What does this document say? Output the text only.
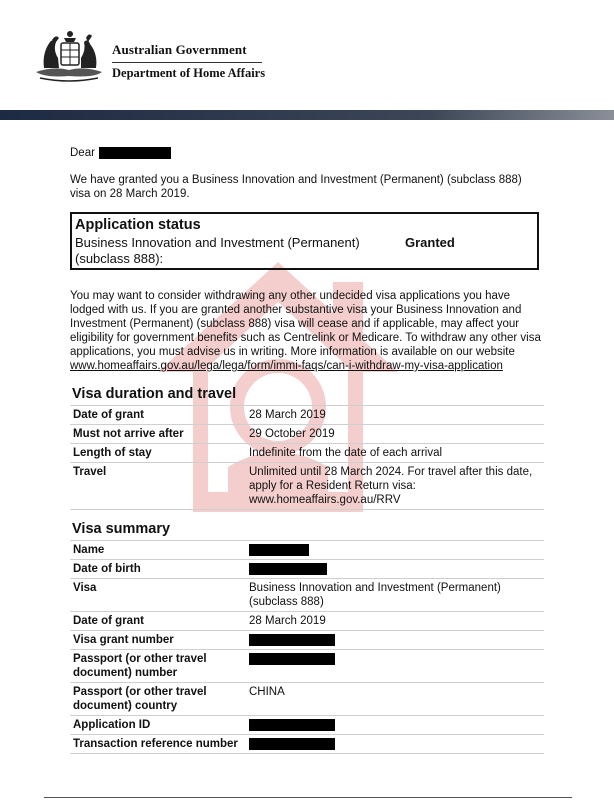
Australian Government
Department of Home Affairs
Dear
We have granted you a Business Innovation and Investment (Permanent) (subclass 888) visa on 28 March 2019.
Application status
Business Innovation and Investment (Permanent) (subclass 888):
Granted
You may want to consider withdrawing any other undecided visa applications you have lodged with us. If you are granted another substantive visa your Business Innovation and Investment (Permanent) (subclass 888) visa will cease and if applicable, may affect your eligibility for government benefits such as Centrelink or Medicare. To withdraw any other visa applications, you must advise us in writing. More information is available on our website www.homeaffairs.gov.au/lega/lega/form/immi-faqs/can-i-withdraw-my-visa-application
Visa duration and travel
Date of grant	28 March 2019
Must not arrive after	29 October 2019
Length of stay	Indefinite from the date of each arrival
Travel	Unlimited until 28 March 2024. For travel after this date, apply for a Resident Return visa:
www.homeaffairs.gov.au/RRV
Visa summary
Name	
Date of birth	
Visa	Business Innovation and Investment (Permanent) (subclass 888)
Date of grant	28 March 2019
Visa grant number	
Passport (or other travel document) number	
Passport (or other travel document) country	CHINA
Application ID	
Transaction reference number	
